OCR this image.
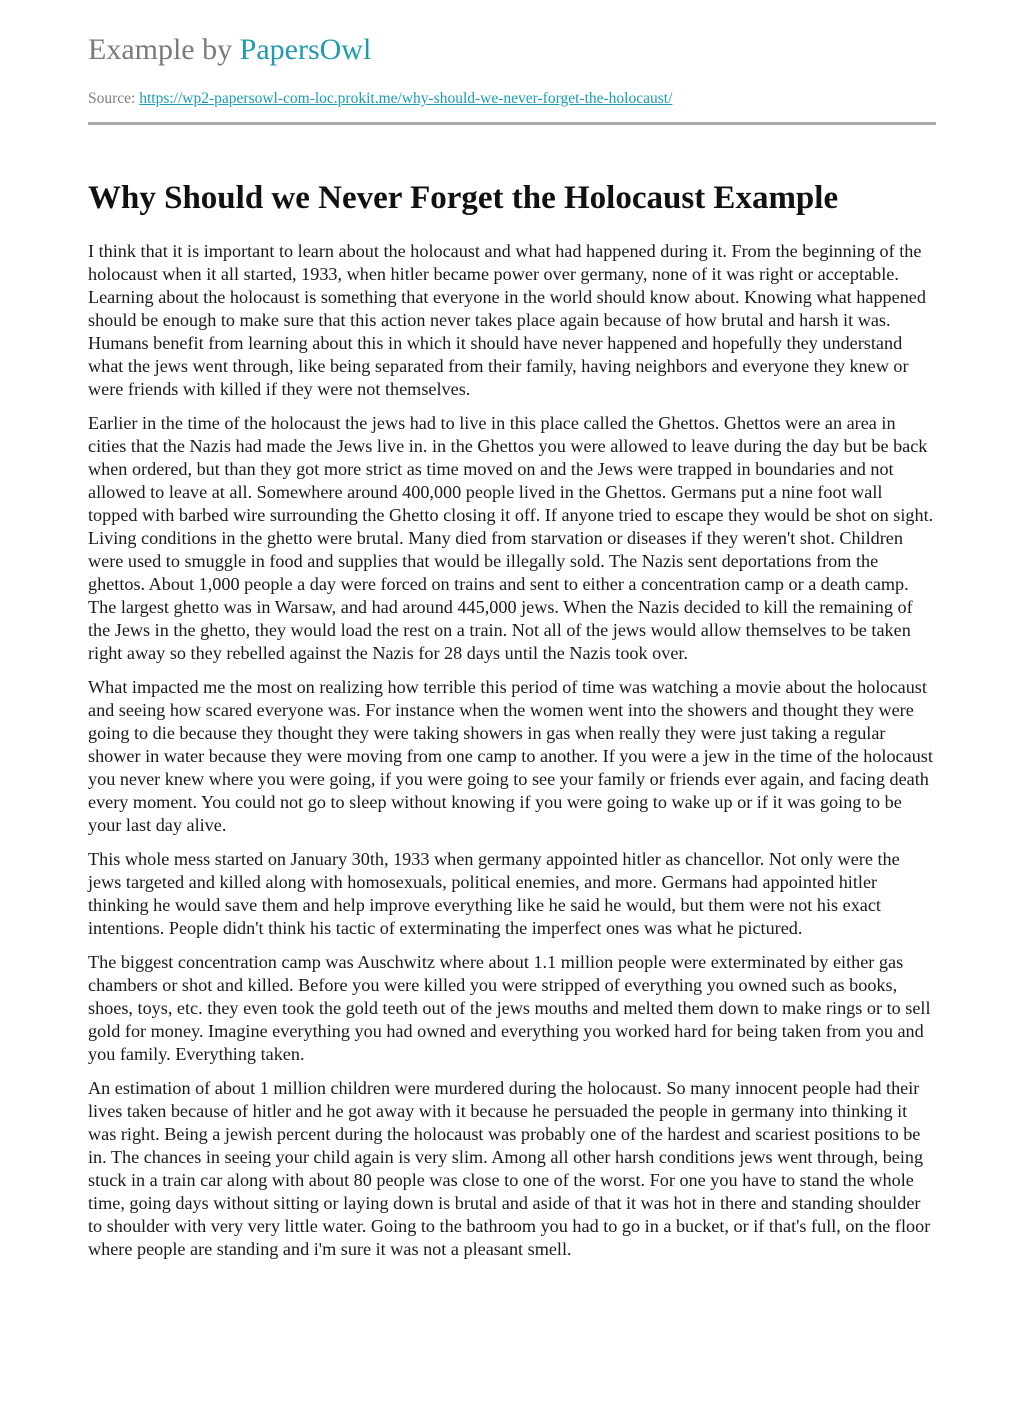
Example by PapersOwl
Source: https://wp2-papersowl-com-loc.prokit.me/why-should-we-never-forget-the-holocaust/
Why Should we Never Forget the Holocaust Example

I think that it is important to learn about the holocaust and what had happened during it. From the beginning of the holocaust when it all started, 1933, when hitler became power over germany, none of it was right or acceptable. Learning about the holocaust is something that everyone in the world should know about. Knowing what happened should be enough to make sure that this action never takes place again because of how brutal and harsh it was. Humans benefit from learning about this in which it should have never happened and hopefully they understand what the jews went through, like being separated from their family, having neighbors and everyone they knew or were friends with killed if they were not themselves.

Earlier in the time of the holocaust the jews had to live in this place called the Ghettos. Ghettos were an area in cities that the Nazis had made the Jews live in. in the Ghettos you were allowed to leave during the day but be back when ordered, but than they got more strict as time moved on and the Jews were trapped in boundaries and not allowed to leave at all. Somewhere around 400,000 people lived in the Ghettos. Germans put a nine foot wall topped with barbed wire surrounding the Ghetto closing it off. If anyone tried to escape they would be shot on sight. Living conditions in the ghetto were brutal. Many died from starvation or diseases if they weren't shot. Children were used to smuggle in food and supplies that would be illegally sold. The Nazis sent deportations from the ghettos. About 1,000 people a day were forced on trains and sent to either a concentration camp or a death camp. The largest ghetto was in Warsaw, and had around 445,000 jews. When the Nazis decided to kill the remaining of the Jews in the ghetto, they would load the rest on a train. Not all of the jews would allow themselves to be taken right away so they rebelled against the Nazis for 28 days until the Nazis took over.

What impacted me the most on realizing how terrible this period of time was watching a movie about the holocaust and seeing how scared everyone was. For instance when the women went into the showers and thought they were going to die because they thought they were taking showers in gas when really they were just taking a regular shower in water because they were moving from one camp to another. If you were a jew in the time of the holocaust you never knew where you were going, if you were going to see your family or friends ever again, and facing death every moment. You could not go to sleep without knowing if you were going to wake up or if it was going to be your last day alive.

This whole mess started on January 30th, 1933 when germany appointed hitler as chancellor. Not only were the jews targeted and killed along with homosexuals, political enemies, and more. Germans had appointed hitler thinking he would save them and help improve everything like he said he would, but them were not his exact intentions. People didn't think his tactic of exterminating the imperfect ones was what he pictured.

The biggest concentration camp was Auschwitz where about 1.1 million people were exterminated by either gas chambers or shot and killed. Before you were killed you were stripped of everything you owned such as books, shoes, toys, etc. they even took the gold teeth out of the jews mouths and melted them down to make rings or to sell gold for money. Imagine everything you had owned and everything you worked hard for being taken from you and you family. Everything taken.

An estimation of about 1 million children were murdered during the holocaust. So many innocent people had their lives taken because of hitler and he got away with it because he persuaded the people in germany into thinking it was right. Being a jewish percent during the holocaust was probably one of the hardest and scariest positions to be in. The chances in seeing your child again is very slim. Among all other harsh conditions jews went through, being stuck in a train car along with about 80 people was close to one of the worst. For one you have to stand the whole time, going days without sitting or laying down is brutal and aside of that it was hot in there and standing shoulder to shoulder with very very little water. Going to the bathroom you had to go in a bucket, or if that's full, on the floor where people are standing and i'm sure it was not a pleasant smell.
